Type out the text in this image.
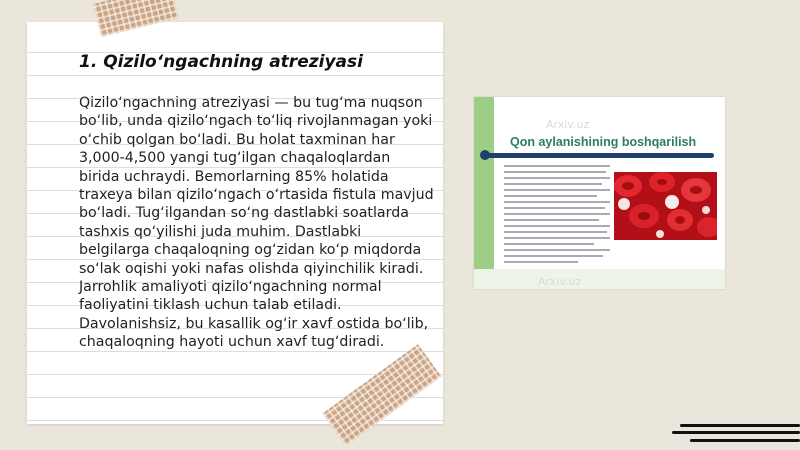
1. Qizilo‘ngachning atreziyasi

Qizilo‘ngachning atreziyasi — bu tug‘ma nuqson bo‘lib, unda qizilo‘ngach to‘liq rivojlanmagan yoki o‘chib qolgan bo‘ladi. Bu holat taxminan har 3,000-4,500 yangi tug‘ilgan chaqaloqlardan birida uchraydi. Bemorlarning 85% holatida traxeya bilan qizilo‘ngach o‘rtasida fistula mavjud bo‘ladi. Tug‘ilgandan so‘ng dastlabki soatlarda tashxis qo‘yilishi juda muhim. Dastlabki belgilarga chaqaloqning og‘zidan ko‘p miqdorda so‘lak oqishi yoki nafas olishda qiyinchilik kiradi. Jarrohlik amaliyoti qizilo‘ngachning normal faoliyatini tiklash uchun talab etiladi. Davolanishsiz, bu kasallik og‘ir xavf ostida bo‘lib, chaqaloqning hayoti uchun xavf tug‘diradi.

Arxiv.uz
Arxiv.uz

Qon aylanishining boshqarilish
